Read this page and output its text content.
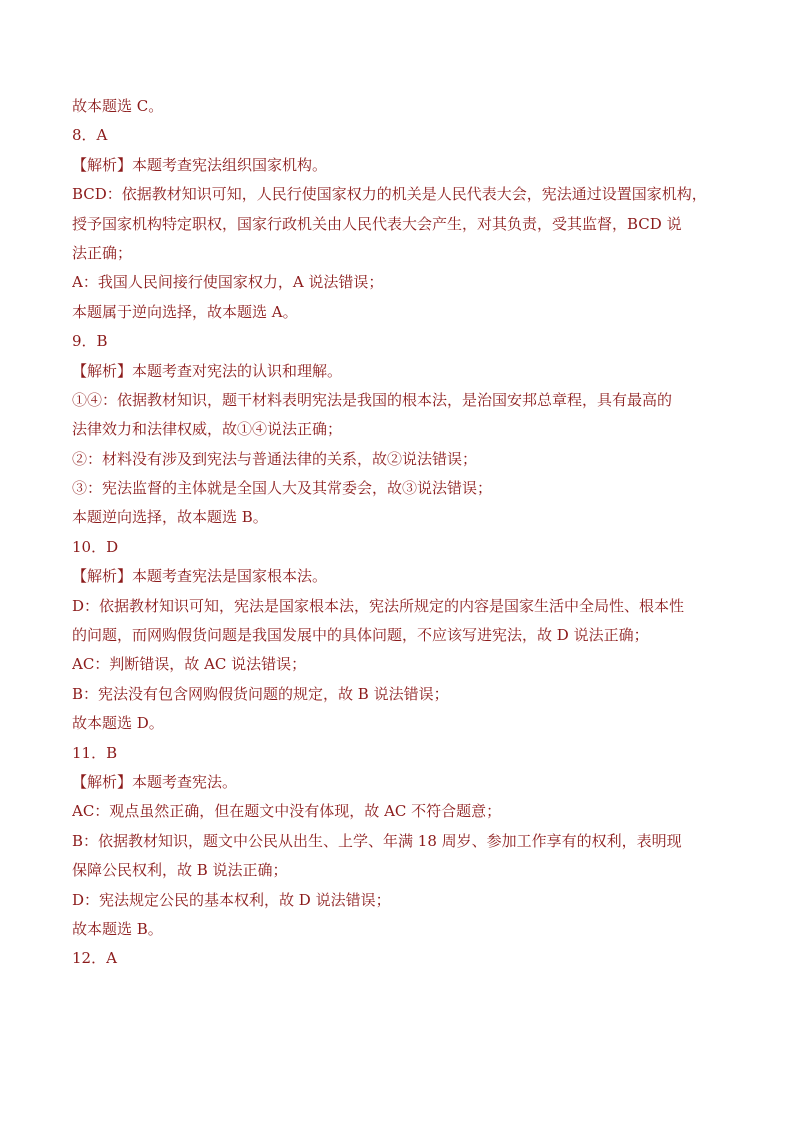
故本题选 C。
8．A
【解析】本题考查宪法组织国家机构。
BCD：依据教材知识可知，人民行使国家权力的机关是人民代表大会，宪法通过设置国家机构，
授予国家机构特定职权，国家行政机关由人民代表大会产生，对其负责，受其监督，BCD 说
法正确；
A：我国人民间接行使国家权力，A 说法错误；
本题属于逆向选择，故本题选 A。
9．B
【解析】本题考查对宪法的认识和理解。
①④：依据教材知识，题干材料表明宪法是我国的根本法，是治国安邦总章程，具有最高的
法律效力和法律权威，故①④说法正确；
②：材料没有涉及到宪法与普通法律的关系，故②说法错误；
③：宪法监督的主体就是全国人大及其常委会，故③说法错误；
本题逆向选择，故本题选 B。
10．D
【解析】本题考查宪法是国家根本法。
D：依据教材知识可知，宪法是国家根本法，宪法所规定的内容是国家生活中全局性、根本性
的问题，而网购假货问题是我国发展中的具体问题，不应该写进宪法，故 D 说法正确；
AC：判断错误，故 AC 说法错误；
B：宪法没有包含网购假货问题的规定，故 B 说法错误；
故本题选 D。
11．B
【解析】本题考查宪法。
AC：观点虽然正确，但在题文中没有体现，故 AC 不符合题意；
B：依据教材知识，题文中公民从出生、上学、年满 18 周岁、参加工作享有的权利，表明现
保障公民权利，故 B 说法正确；
D：宪法规定公民的基本权利，故 D 说法错误；
故本题选 B。
12．A
